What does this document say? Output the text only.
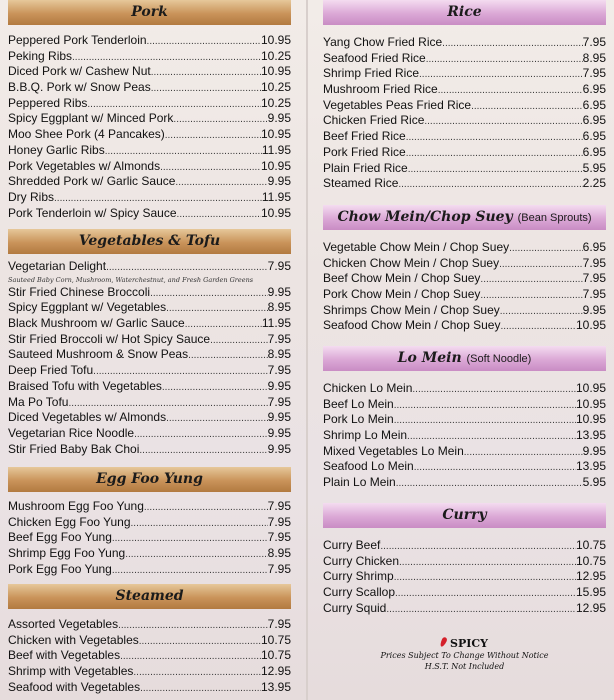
Pork
Peppered Pork Tenderloin .....	10.95
Peking Ribs .....	10.25
Diced Pork w/ Cashew Nut .....	10.95
B.B.Q. Pork w/ Snow Peas .....	10.25
Peppered Ribs .....	10.25
Spicy Eggplant w/ Minced Pork .....	9.95
Moo Shee Pork (4 Pancakes) .....	10.95
Honey Garlic Ribs .....	11.95
Pork Vegetables w/ Almonds .....	10.95
Shredded Pork w/ Garlic Sauce .....	9.95
Dry Ribs .....	11.95
Pork Tenderloin w/ Spicy Sauce .....	10.95
Vegetables & Tofu
Vegetarian Delight .....	7.95
Sauteed Baby Corn, Mushroom, Waterchestnut, and Fresh Garden Greens
Stir Fried Chinese Broccoli .....	9.95
Spicy Eggplant w/ Vegetables .....	8.95
Black Mushroom w/ Garlic Sauce .....	11.95
Stir Fried Broccoli w/ Hot Spicy Sauce .....	7.95
Sauteed Mushroom & Snow Peas .....	8.95
Deep Fried Tofu .....	7.95
Braised Tofu with Vegetables .....	9.95
Ma Po Tofu .....	7.95
Diced Vegetables w/ Almonds .....	9.95
Vegetarian Rice Noodle .....	9.95
Stir Fried Baby Bak Choi .....	9.95
Egg Foo Yung
Mushroom Egg Foo Yung .....	7.95
Chicken Egg Foo Yung .....	7.95
Beef Egg Foo Yung .....	7.95
Shrimp Egg Foo Yung .....	8.95
Pork Egg Foo Yung .....	7.95
Steamed
Assorted Vegetables .....	7.95
Chicken with Vegetables .....	10.75
Beef with Vegetables .....	10.75
Shrimp with Vegetables .....	12.95
Seafood with Vegetables .....	13.95
Rice
Yang Chow Fried Rice .....	7.95
Seafood Fried Rice .....	8.95
Shrimp Fried Rice .....	7.95
Mushroom Fried Rice .....	6.95
Vegetables Peas Fried Rice .....	6.95
Chicken Fried Rice .....	6.95
Beef Fried Rice .....	6.95
Pork Fried Rice .....	6.95
Plain Fried Rice .....	5.95
Steamed Rice .....	2.25
Chow Mein/Chop Suey (Bean Sprouts)
Vegetable Chow Mein / Chop Suey .....	6.95
Chicken Chow Mein / Chop Suey .....	7.95
Beef Chow Mein / Chop Suey .....	7.95
Pork Chow Mein / Chop Suey .....	7.95
Shrimps Chow Mein / Chop Suey .....	9.95
Seafood Chow Mein / Chop Suey .....	10.95
Lo Mein (Soft Noodle)
Chicken Lo Mein .....	10.95
Beef Lo Mein .....	10.95
Pork Lo Mein .....	10.95
Shrimp Lo Mein .....	13.95
Mixed Vegetables Lo Mein .....	9.95
Seafood Lo Mein .....	13.95
Plain Lo Mein .....	5.95
Curry
Curry Beef .....	10.75
Curry Chicken .....	10.75
Curry Shrimp .....	12.95
Curry Scallop .....	15.95
Curry Squid .....	12.95
SPICY
Prices Subject To Change Without Notice
H.S.T. Not Included
